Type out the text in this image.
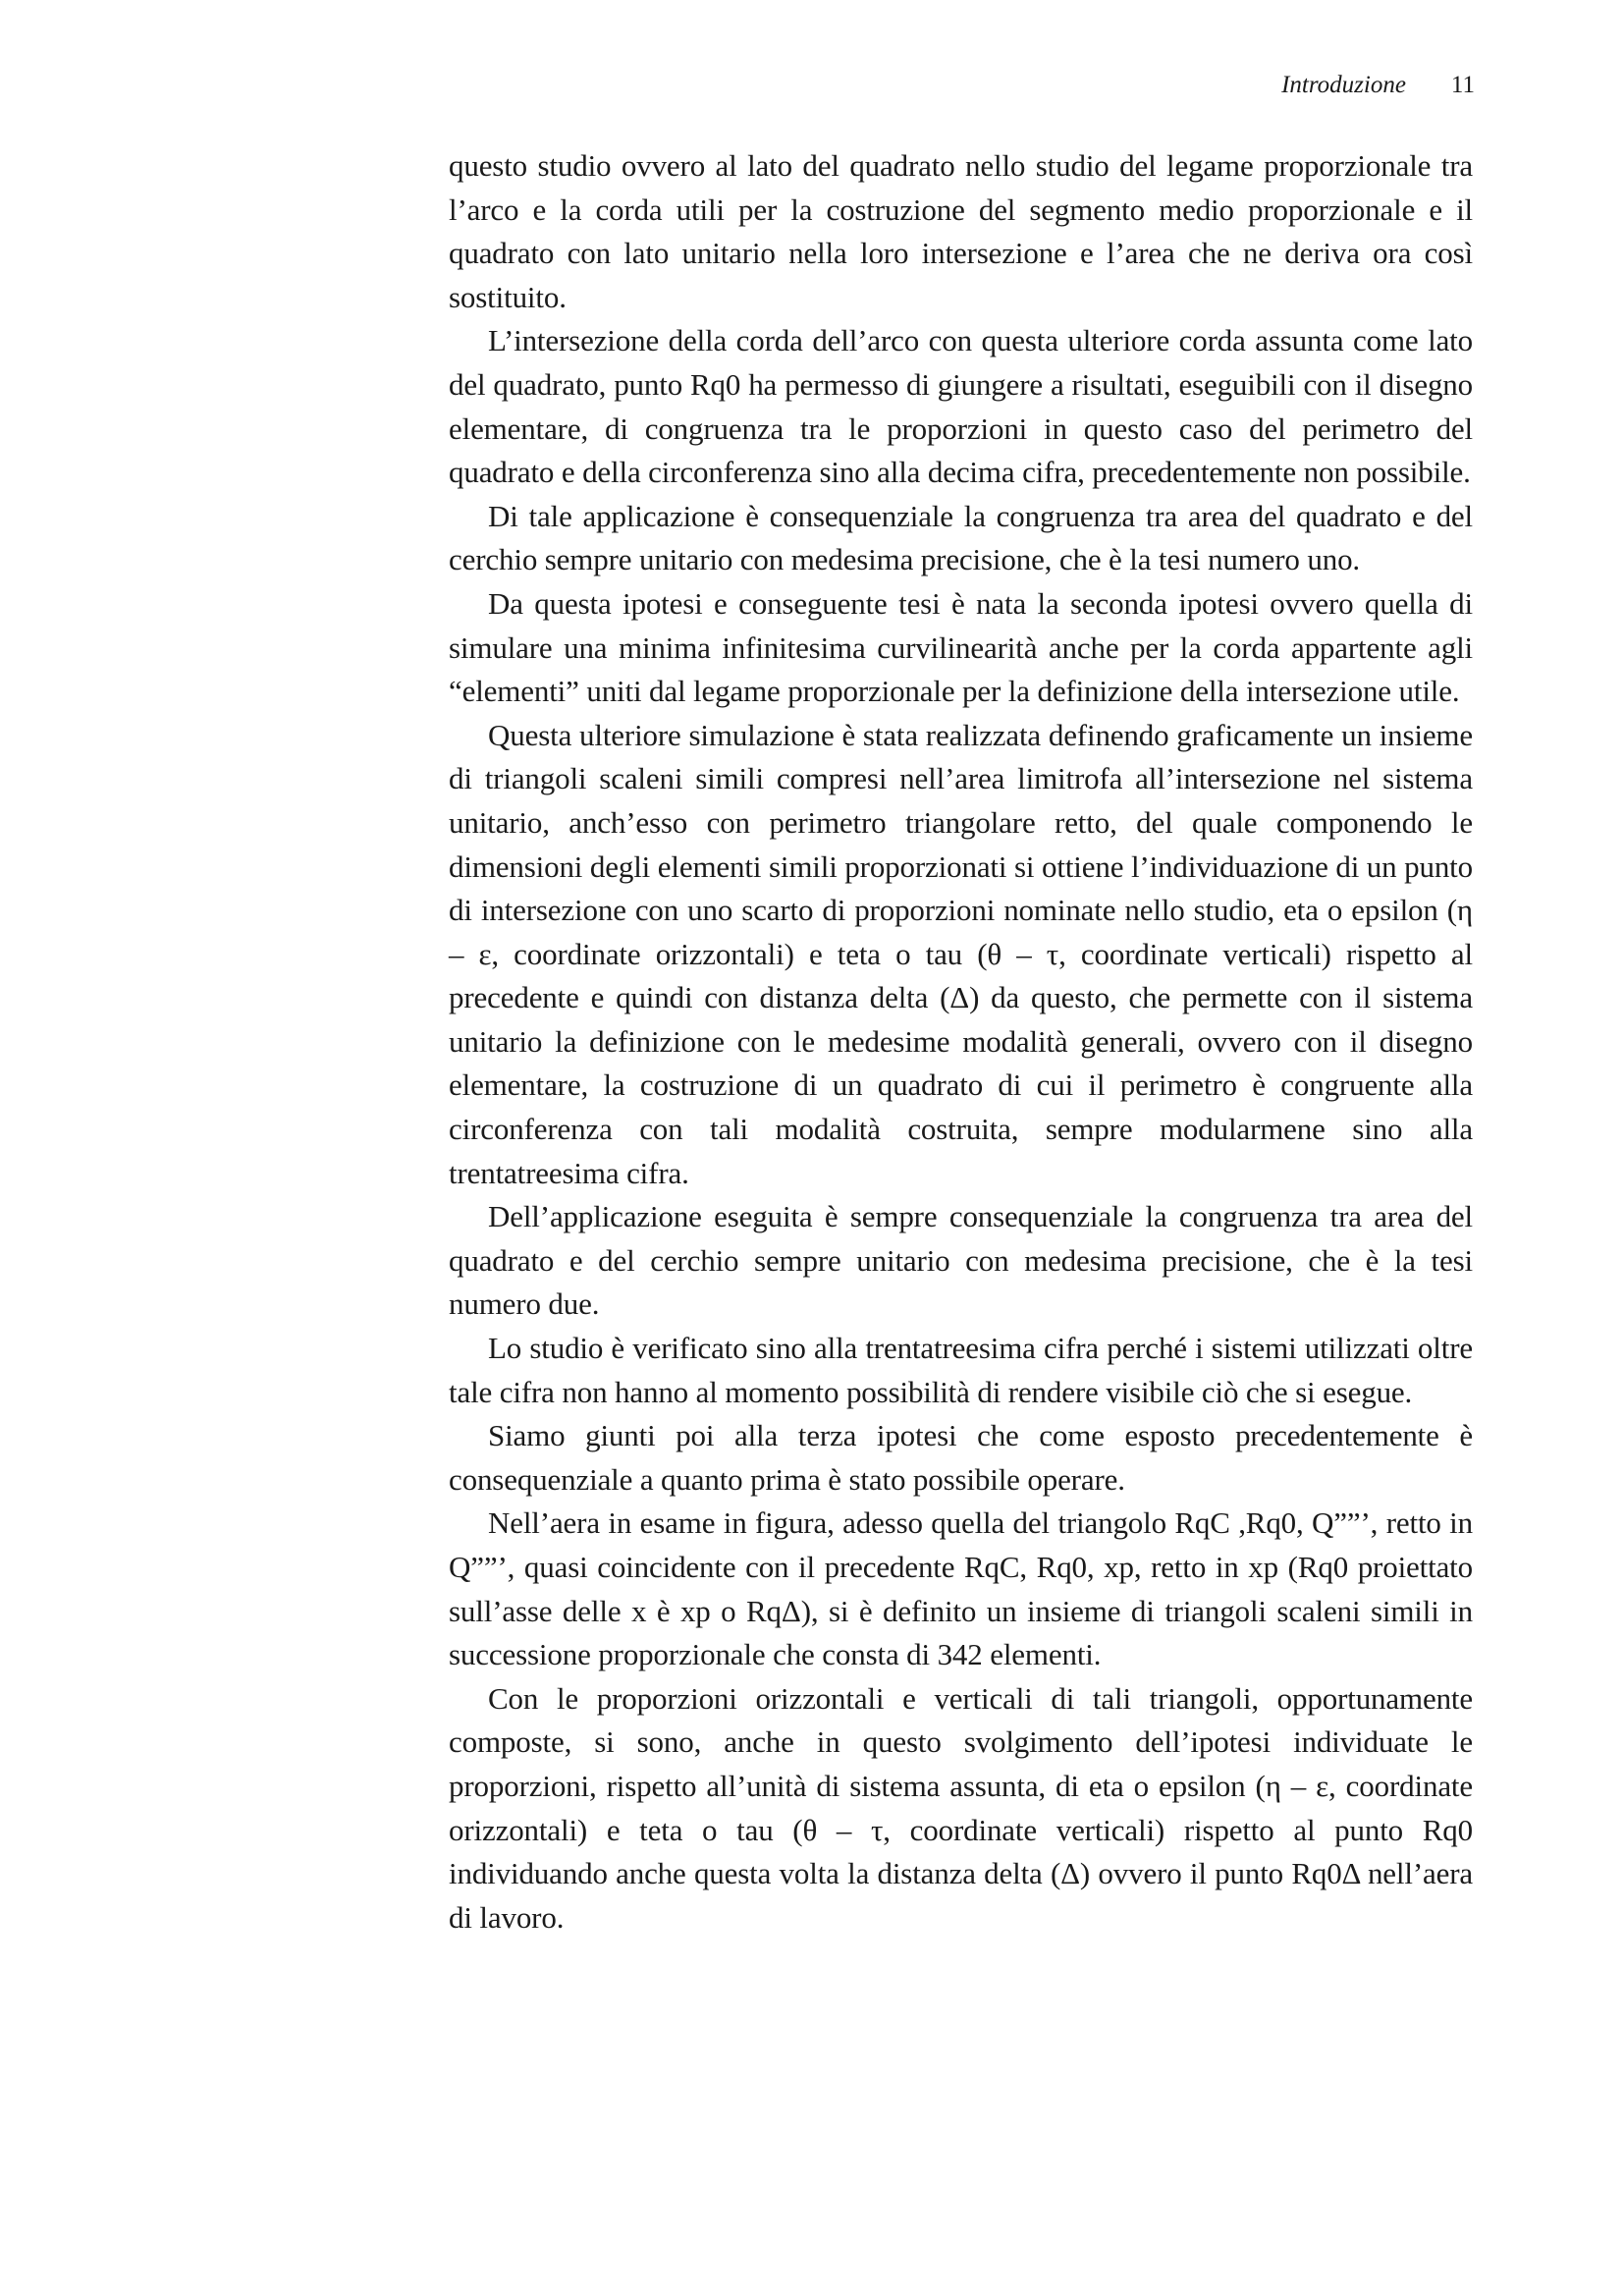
Introduzione 11

questo studio ovvero al lato del quadrato nello studio del legame proporzionale tra l’arco e la corda utili per la costruzione del segmento medio proporzionale e il quadrato con lato unitario nella loro intersezione e l’area che ne deriva ora così sostituito.

L’intersezione della corda dell’arco con questa ulteriore corda assunta come lato del quadrato, punto Rq0 ha permesso di giungere a risultati, eseguibili con il disegno elementare, di congruenza tra le proporzioni in questo caso del perimetro del quadrato e della circonferenza sino alla decima cifra, precedentemente non possibile.

Di tale applicazione è consequenziale la congruenza tra area del quadrato e del cerchio sempre unitario con medesima precisione, che è la tesi numero uno.

Da questa ipotesi e conseguente tesi è nata la seconda ipotesi ovvero quella di simulare una minima infinitesima curvilinearità anche per la corda appartente agli “elementi” uniti dal legame proporzionale per la definizione della intersezione utile.

Questa ulteriore simulazione è stata realizzata definendo graficamente un insieme di triangoli scaleni simili compresi nell’area limitrofa all’intersezione nel sistema unitario, anch’esso con perimetro triangolare retto, del quale componendo le dimensioni degli elementi simili proporzionati si ottiene l’individuazione di un punto di intersezione con uno scarto di proporzioni nominate nello studio, eta o epsilon (η – ε, coordinate orizzontali) e teta o tau (θ – τ, coordinate verticali) rispetto al precedente e quindi con distanza delta (Δ) da questo, che permette con il sistema unitario la definizione con le medesime modalità generali, ovvero con il disegno elementare, la costruzione di un quadrato di cui il perimetro è congruente alla circonferenza con tali modalità costruita, sempre modularmene sino alla trentatreesima cifra.

Dell’applicazione eseguita è sempre consequenziale la congruenza tra area del quadrato e del cerchio sempre unitario con medesima precisione, che è la tesi numero due.

Lo studio è verificato sino alla trentatreesima cifra perché i sistemi utilizzati oltre tale cifra non hanno al momento possibilità di rendere visibile ciò che si esegue.

Siamo giunti poi alla terza ipotesi che come esposto precedentemente è consequenziale a quanto prima è stato possibile operare.

Nell’aera in esame in figura, adesso quella del triangolo RqC ,Rq0, Q””’, retto in Q””’, quasi coincidente con il precedente RqC, Rq0, xp, retto in xp (Rq0 proiettato sull’asse delle x è xp o RqΔ), si è definito un insieme di triangoli scaleni simili in successione proporzionale che consta di 342 elementi.

Con le proporzioni orizzontali e verticali di tali triangoli, opportunamente composte, si sono, anche in questo svolgimento dell’ipotesi individuate le proporzioni, rispetto all’unità di sistema assunta, di eta o epsilon (η – ε, coordinate orizzontali) e teta o tau (θ – τ, coordinate verticali) rispetto al punto Rq0 individuando anche questa volta la distanza delta (Δ) ovvero il punto Rq0Δ nell’aera di lavoro.
